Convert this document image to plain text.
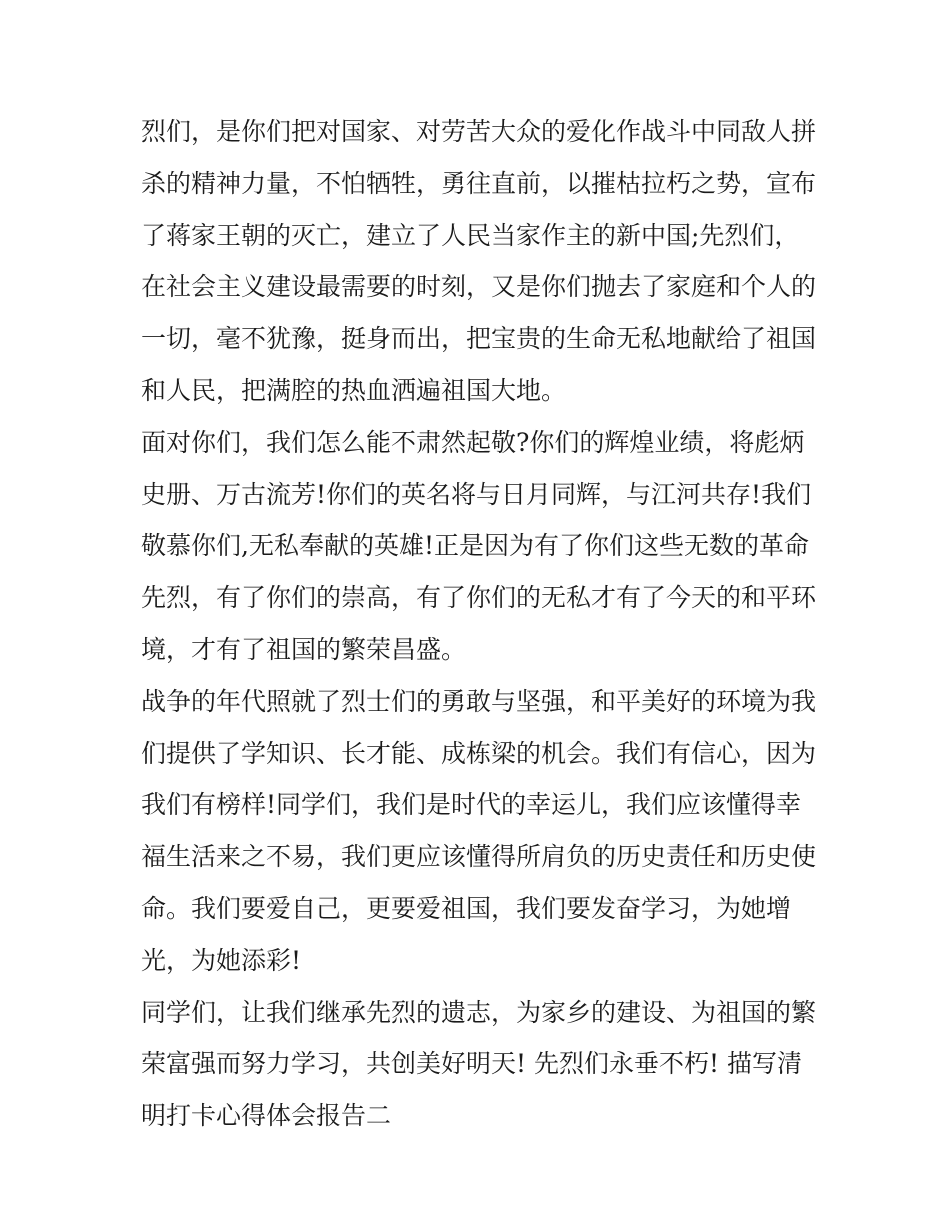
烈们，是你们把对国家、对劳苦大众的爱化作战斗中同敌人拼
杀的精神力量，不怕牺牲，勇往直前，以摧枯拉朽之势，宣布
了蒋家王朝的灭亡，建立了人民当家作主的新中国;先烈们，
在社会主义建设最需要的时刻，又是你们抛去了家庭和个人的
一切，毫不犹豫，挺身而出，把宝贵的生命无私地献给了祖国
和人民，把满腔的热血洒遍祖国大地。
面对你们，我们怎么能不肃然起敬?你们的辉煌业绩，将彪炳
史册、万古流芳!你们的英名将与日月同辉，与江河共存!我们
敬慕你们,无私奉献的英雄!正是因为有了你们这些无数的革命
先烈，有了你们的崇高，有了你们的无私才有了今天的和平环
境，才有了祖国的繁荣昌盛。
战争的年代照就了烈士们的勇敢与坚强，和平美好的环境为我
们提供了学知识、长才能、成栋梁的机会。我们有信心，因为
我们有榜样!同学们，我们是时代的幸运儿，我们应该懂得幸
福生活来之不易，我们更应该懂得所肩负的历史责任和历史使
命。我们要爱自己，更要爱祖国，我们要发奋学习，为她增
光，为她添彩!
同学们，让我们继承先烈的遗志，为家乡的建设、为祖国的繁
荣富强而努力学习，共创美好明天! 先烈们永垂不朽! 描写清
明打卡心得体会报告二
